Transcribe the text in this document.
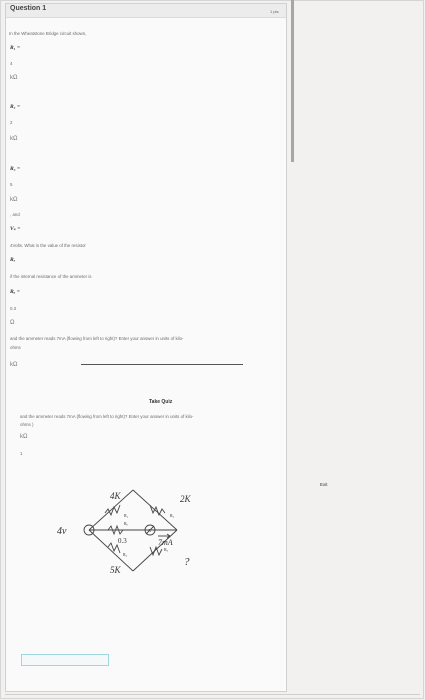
Question 1	1 pts
In the Wheatstone Bridge circuit shown,
R₁ =
4
kΩ
R₂ =
2
kΩ
R₃ =
5
kΩ
, and
Vₛ =
4Volts. What is the value of the resistor
Rₓ
if the internal resistance of the ammeter is
Rₐ =
0.3
Ω
and the ammeter reads 7mA (flowing from left to right)? Enter your answer in units of kilo-
ohms
kΩ
Take Quiz
Exit
and the ammeter reads 7mA (flowing from left to right)? Enter your answer in units of kilo-
ohms )
kΩ
1
4v
4K	2K
5K
?
0.3	7mA
R₁	R₂
R₃
Rₓ
Rₐ
A
